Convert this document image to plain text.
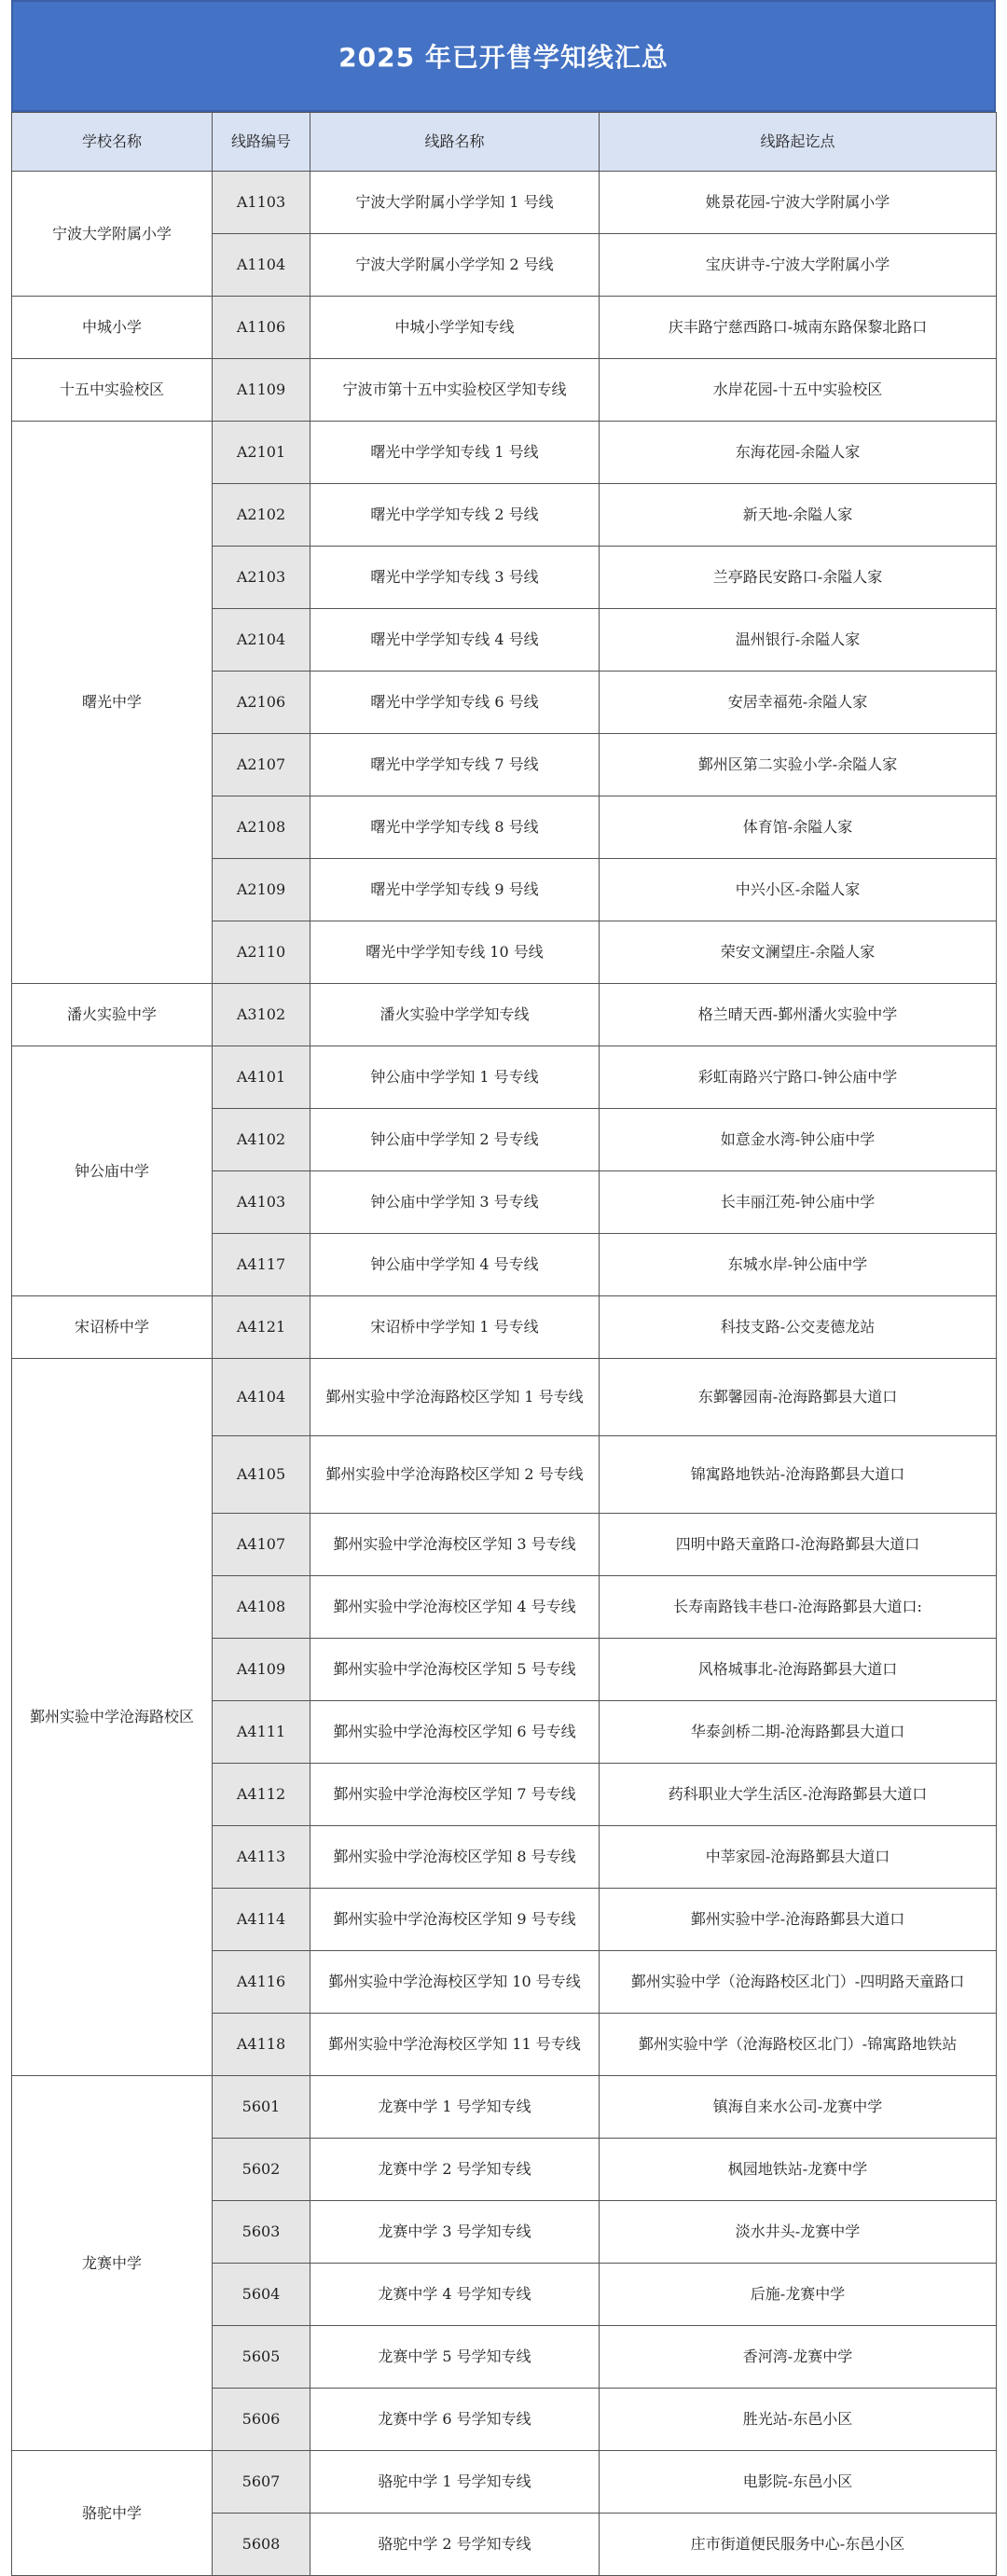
2025 年已开售学知线汇总
学校名称	线路编号	线路名称	线路起讫点
宁波大学附属小学	A1103	宁波大学附属小学学知 1 号线	姚景花园-宁波大学附属小学
	A1104	宁波大学附属小学学知 2 号线	宝庆讲寺-宁波大学附属小学
中城小学	A1106	中城小学学知专线	庆丰路宁慈西路口-城南东路保黎北路口
十五中实验校区	A1109	宁波市第十五中实验校区学知专线	水岸花园-十五中实验校区
曙光中学	A2101	曙光中学学知专线 1 号线	东海花园-余隘人家
	A2102	曙光中学学知专线 2 号线	新天地-余隘人家
	A2103	曙光中学学知专线 3 号线	兰亭路民安路口-余隘人家
	A2104	曙光中学学知专线 4 号线	温州银行-余隘人家
	A2106	曙光中学学知专线 6 号线	安居幸福苑-余隘人家
	A2107	曙光中学学知专线 7 号线	鄞州区第二实验小学-余隘人家
	A2108	曙光中学学知专线 8 号线	体育馆-余隘人家
	A2109	曙光中学学知专线 9 号线	中兴小区-余隘人家
	A2110	曙光中学学知专线 10 号线	荣安文澜望庄-余隘人家
潘火实验中学	A3102	潘火实验中学学知专线	格兰晴天西-鄞州潘火实验中学
钟公庙中学	A4101	钟公庙中学学知 1 号专线	彩虹南路兴宁路口-钟公庙中学
	A4102	钟公庙中学学知 2 号专线	如意金水湾-钟公庙中学
	A4103	钟公庙中学学知 3 号专线	长丰丽江苑-钟公庙中学
	A4117	钟公庙中学学知 4 号专线	东城水岸-钟公庙中学
宋诏桥中学	A4121	宋诏桥中学学知 1 号专线	科技支路-公交麦德龙站
鄞州实验中学沧海路校区	A4104	鄞州实验中学沧海路校区学知 1 号专线	东鄞馨园南-沧海路鄞县大道口
	A4105	鄞州实验中学沧海路校区学知 2 号专线	锦寓路地铁站-沧海路鄞县大道口
	A4107	鄞州实验中学沧海校区学知 3 号专线	四明中路天童路口-沧海路鄞县大道口
	A4108	鄞州实验中学沧海校区学知 4 号专线	长寿南路钱丰巷口-沧海路鄞县大道口:
	A4109	鄞州实验中学沧海校区学知 5 号专线	风格城事北-沧海路鄞县大道口
	A4111	鄞州实验中学沧海校区学知 6 号专线	华泰剑桥二期-沧海路鄞县大道口
	A4112	鄞州实验中学沧海校区学知 7 号专线	药科职业大学生活区-沧海路鄞县大道口
	A4113	鄞州实验中学沧海校区学知 8 号专线	中莘家园-沧海路鄞县大道口
	A4114	鄞州实验中学沧海校区学知 9 号专线	鄞州实验中学-沧海路鄞县大道口
	A4116	鄞州实验中学沧海校区学知 10 号专线	鄞州实验中学（沧海路校区北门）-四明路天童路口
	A4118	鄞州实验中学沧海校区学知 11 号专线	鄞州实验中学（沧海路校区北门）-锦寓路地铁站
龙赛中学	5601	龙赛中学 1 号学知专线	镇海自来水公司-龙赛中学
	5602	龙赛中学 2 号学知专线	枫园地铁站-龙赛中学
	5603	龙赛中学 3 号学知专线	淡水井头-龙赛中学
	5604	龙赛中学 4 号学知专线	后施-龙赛中学
	5605	龙赛中学 5 号学知专线	香河湾-龙赛中学
	5606	龙赛中学 6 号学知专线	胜光站-东邑小区
骆驼中学	5607	骆驼中学 1 号学知专线	电影院-东邑小区
	5608	骆驼中学 2 号学知专线	庄市街道便民服务中心-东邑小区
